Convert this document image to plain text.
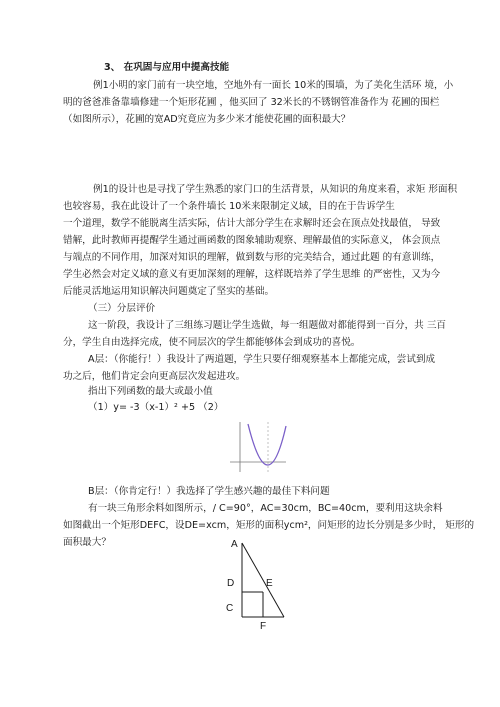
3、 在巩固与应用中提高技能
例1小明的家门前有一块空地，空地外有一面长 10米的围墙，为了美化生活环 境，小
明的爸爸准备靠墙修建一个矩形花圃 ，他买回了 32米长的不锈钢管准备作为 花圃的围栏
（如图所示），花圃的宽AD究竟应为多少米才能使花圃的面积最大？
例1的设计也是寻找了学生熟悉的家门口的生活背景，从知识的角度来看，求矩 形面积
也较容易，我在此设计了一个条件墙长 10米来限制定义域，目的在于告诉学生
一个道理，数学不能脱离生活实际，估计大部分学生在求解时还会在顶点处找最值， 导致
错解，此时教师再提醒学生通过画函数的图象辅助观察、理解最值的实际意义， 体会顶点
与端点的不同作用，加深对知识的理解，做到数与形的完美结合，通过此题 的有意训练，
学生必然会对定义域的意义有更加深刻的理解，这样既培养了学生思维 的严密性，又为今
后能灵活地运用知识解决问题奠定了坚实的基础。
（三）分层评价
这一阶段，我设计了三组练习题让学生选做，每一组题做对都能得到一百分，共 三百
分，学生自由选择完成，使不同层次的学生都能够体会到成功的喜悦。
A层：（你能行！）我设计了两道题，学生只要仔细观察基本上都能完成，尝试到成
功之后，他们肯定会向更高层次发起进攻。
指出下列函数的最大或最小值
（1）y= -3（x-1）² +5 （2）
B层：（你肯定行！）我选择了学生感兴趣的最佳下料问题
有一块三角形余料如图所示，/ C=90°，AC=30cm，BC=40cm，要利用这块余料
如图截出一个矩形DEFC，设DE=xcm，矩形的面积ycm²，问矩形的边长分别是多少时， 矩形的
面积最大？	A
D	E
C
F
